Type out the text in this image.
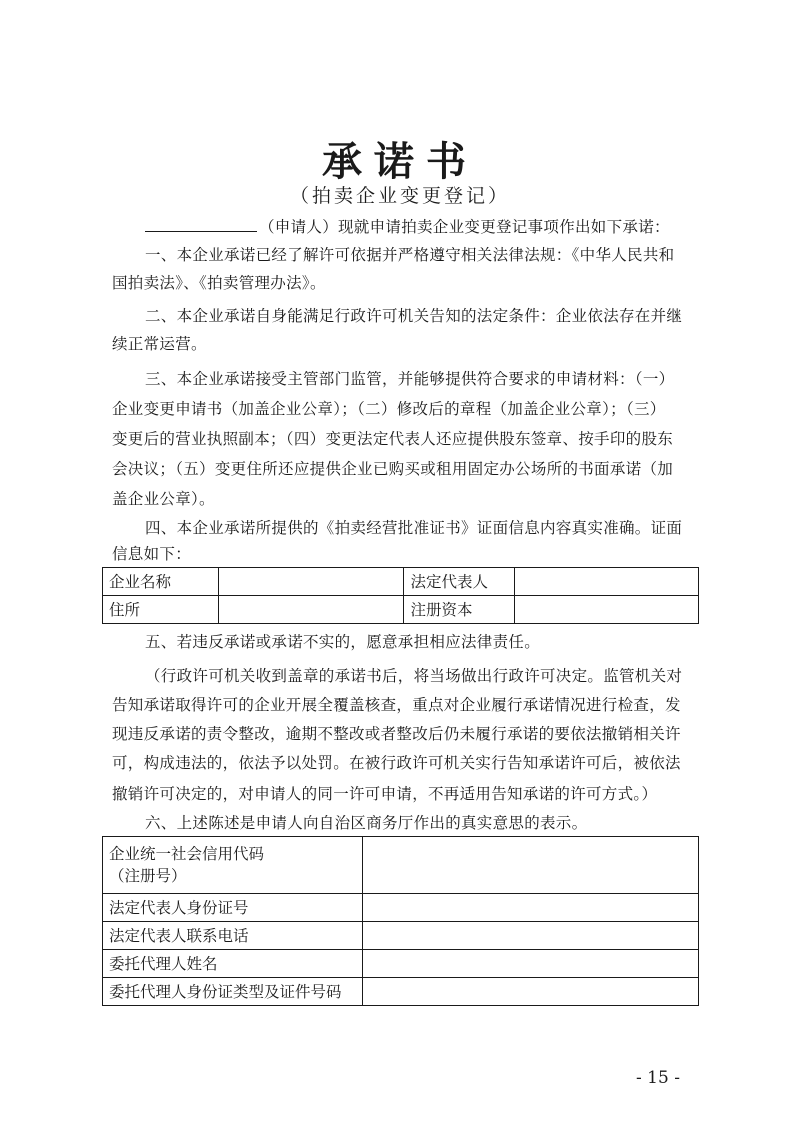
承诺书
（拍卖企业变更登记）
（申请人）现就申请拍卖企业变更登记事项作出如下承诺：
一、本企业承诺已经了解许可依据并严格遵守相关法律法规：《中华人民共和
国拍卖法》、《拍卖管理办法》。
二、本企业承诺自身能满足行政许可机关告知的法定条件：企业依法存在并继
续正常运营。
三、本企业承诺接受主管部门监管，并能够提供符合要求的申请材料：（一）
企业变更申请书（加盖企业公章）；（二）修改后的章程（加盖企业公章）；（三）
变更后的营业执照副本；（四）变更法定代表人还应提供股东签章、按手印的股东
会决议；（五）变更住所还应提供企业已购买或租用固定办公场所的书面承诺（加
盖企业公章）。
四、本企业承诺所提供的《拍卖经营批准证书》证面信息内容真实准确。证面
信息如下：
企业名称		法定代表人	
住所		注册资本	
五、若违反承诺或承诺不实的，愿意承担相应法律责任。
（行政许可机关收到盖章的承诺书后，将当场做出行政许可决定。监管机关对
告知承诺取得许可的企业开展全覆盖核查，重点对企业履行承诺情况进行检查，发
现违反承诺的责令整改，逾期不整改或者整改后仍未履行承诺的要依法撤销相关许
可，构成违法的，依法予以处罚。在被行政许可机关实行告知承诺许可后，被依法
撤销许可决定的，对申请人的同一许可申请，不再适用告知承诺的许可方式。）
六、上述陈述是申请人向自治区商务厅作出的真实意思的表示。
企业统一社会信用代码
（注册号）	

法定代表人身份证号	
法定代表人联系电话	
委托代理人姓名	
委托代理人身份证类型及证件号码	
- 15 -
